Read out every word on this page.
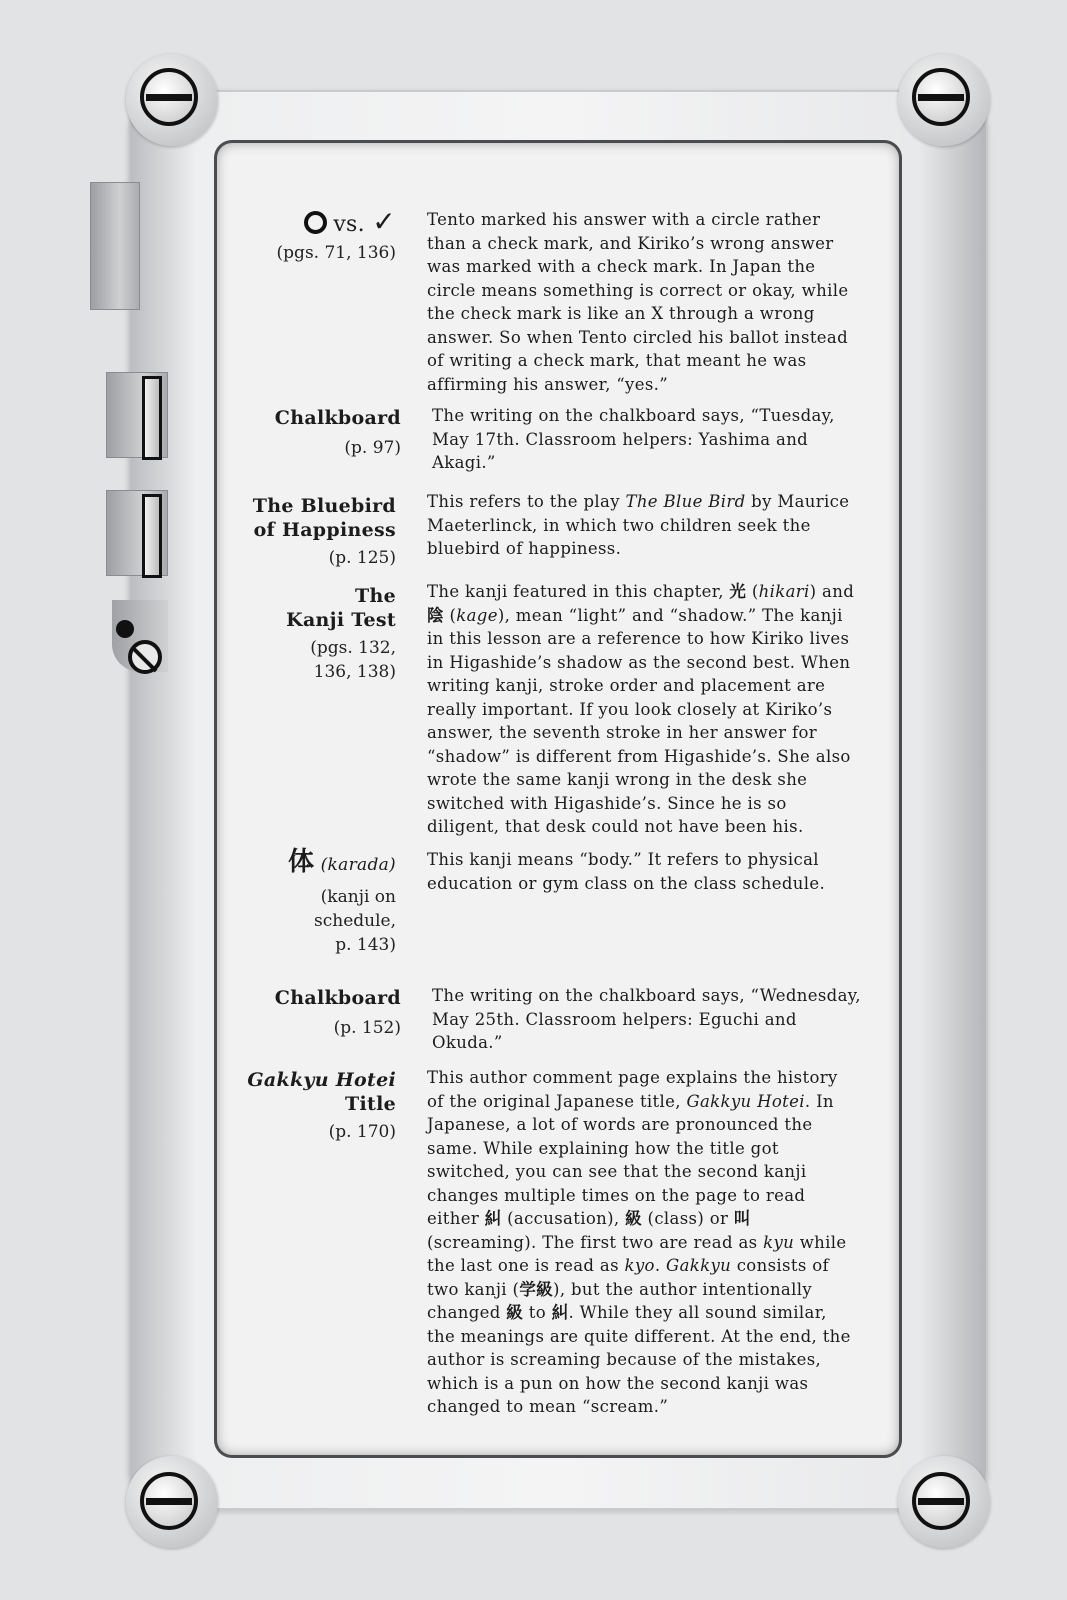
vs. ✓
(pgs. 71, 136)
Tento marked his answer with a circle rather than a check mark, and Kiriko’s wrong answer was marked with a check mark. In Japan the circle means something is correct or okay, while the check mark is like an X through a wrong answer. So when Tento circled his ballot instead of writing a check mark, that meant he was affirming his answer, “yes.”
Chalkboard
(p. 97)
The writing on the chalkboard says, “Tuesday, May 17th. Classroom helpers: Yashima and Akagi.”
The Bluebird
of Happiness
(p. 125)
This refers to the play The Blue Bird by Maurice Maeterlinck, in which two children seek the bluebird of happiness.
The
Kanji Test
(pgs. 132,
136, 138)
The kanji featured in this chapter, 光 (hikari) and 陰 (kage), mean “light” and “shadow.” The kanji in this lesson are a reference to how Kiriko lives in Higashide’s shadow as the second best. When writing kanji, stroke order and placement are really important. If you look closely at Kiriko’s answer, the seventh stroke in her answer for “shadow” is different from Higashide’s. She also wrote the same kanji wrong in the desk she switched with Higashide’s. Since he is so diligent, that desk could not have been his.
体 (karada)
(kanji on
schedule,
p. 143)
This kanji means “body.” It refers to physical education or gym class on the class schedule.
Chalkboard
(p. 152)
The writing on the chalkboard says, “Wednesday, May 25th. Classroom helpers: Eguchi and Okuda.”
Gakkyu Hotei
Title
(p. 170)
This author comment page explains the history of the original Japanese title, Gakkyu Hotei. In Japanese, a lot of words are pronounced the same. While explaining how the title got switched, you can see that the second kanji changes multiple times on the page to read either 糾 (accusation), 級 (class) or 叫 (screaming). The first two are read as kyu while the last one is read as kyo. Gakkyu consists of two kanji (学級), but the author intentionally changed 級 to 糾. While they all sound similar, the meanings are quite different. At the end, the author is screaming because of the mistakes, which is a pun on how the second kanji was changed to mean “scream.”
